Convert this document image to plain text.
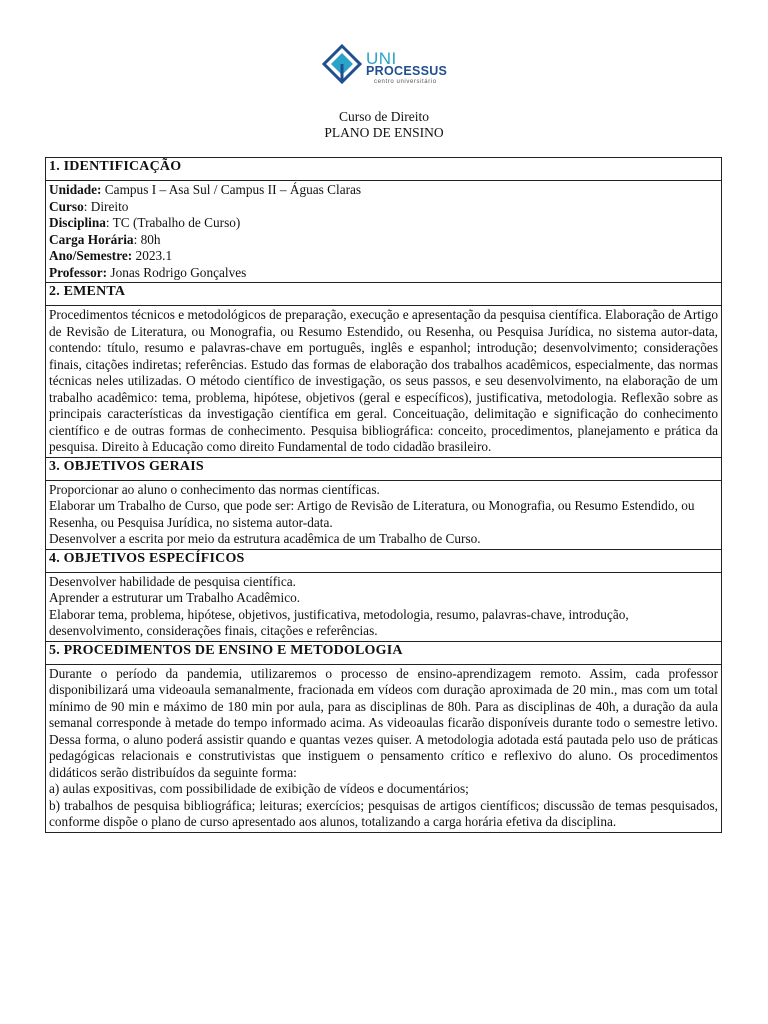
UNI
PROCESSUS
centro universitário
Curso de Direito
PLANO DE ENSINO
1. IDENTIFICAÇÃO

Unidade: Campus I – Asa Sul / Campus II – Águas Claras
Curso: Direito
Disciplina: TC (Trabalho de Curso)
Carga Horária: 80h
Ano/Semestre: 2023.1
Professor: Jonas Rodrigo Gonçalves

2. EMENTA
Procedimentos técnicos e metodológicos de preparação, execução e apresentação da pesquisa científica. Elaboração de Artigo de Revisão de Literatura, ou Monografia, ou Resumo Estendido, ou Resenha, ou Pesquisa Jurídica, no sistema autor-data, contendo: título, resumo e palavras-chave em português, inglês e espanhol; introdução; desenvolvimento; considerações finais, citações indiretas; referências. Estudo das formas de elaboração dos trabalhos acadêmicos, especialmente, das normas técnicas neles utilizadas. O método científico de investigação, os seus passos, e seu desenvolvimento, na elaboração de um trabalho acadêmico: tema, problema, hipótese, objetivos (geral e específicos), justificativa, metodologia. Reflexão sobre as principais características da investigação científica em geral. Conceituação, delimitação e significação do conhecimento científico e de outras formas de conhecimento. Pesquisa bibliográfica: conceito, procedimentos, planejamento e prática da pesquisa. Direito à Educação como direito Fundamental de todo cidadão brasileiro.
3. OBJETIVOS GERAIS

Proporcionar ao aluno o conhecimento das normas científicas.
Elaborar um Trabalho de Curso, que pode ser: Artigo de Revisão de Literatura, ou Monografia, ou Resumo Estendido, ou Resenha, ou Pesquisa Jurídica, no sistema autor-data.
Desenvolver a escrita por meio da estrutura acadêmica de um Trabalho de Curso.

4. OBJETIVOS ESPECÍFICOS

Desenvolver habilidade de pesquisa científica.
Aprender a estruturar um Trabalho Acadêmico.
Elaborar tema, problema, hipótese, objetivos, justificativa, metodologia, resumo, palavras-chave, introdução, desenvolvimento, considerações finais, citações e referências.

5. PROCEDIMENTOS DE ENSINO E METODOLOGIA

Durante o período da pandemia, utilizaremos o processo de ensino-aprendizagem remoto. Assim, cada professor disponibilizará uma videoaula semanalmente, fracionada em vídeos com duração aproximada de 20 min., mas com um total mínimo de 90 min e máximo de 180 min por aula, para as disciplinas de 80h. Para as disciplinas de 40h, a duração da aula semanal corresponde à metade do tempo informado acima. As videoaulas ficarão disponíveis durante todo o semestre letivo. Dessa forma, o aluno poderá assistir quando e quantas vezes quiser. A metodologia adotada está pautada pelo uso de práticas pedagógicas relacionais e construtivistas que instiguem o pensamento crítico e reflexivo do aluno. Os procedimentos didáticos serão distribuídos da seguinte forma:
a) aulas expositivas, com possibilidade de exibição de vídeos e documentários;
b) trabalhos de pesquisa bibliográfica; leituras; exercícios; pesquisas de artigos científicos; discussão de temas pesquisados, conforme dispõe o plano de curso apresentado aos alunos, totalizando a carga horária efetiva da disciplina.
